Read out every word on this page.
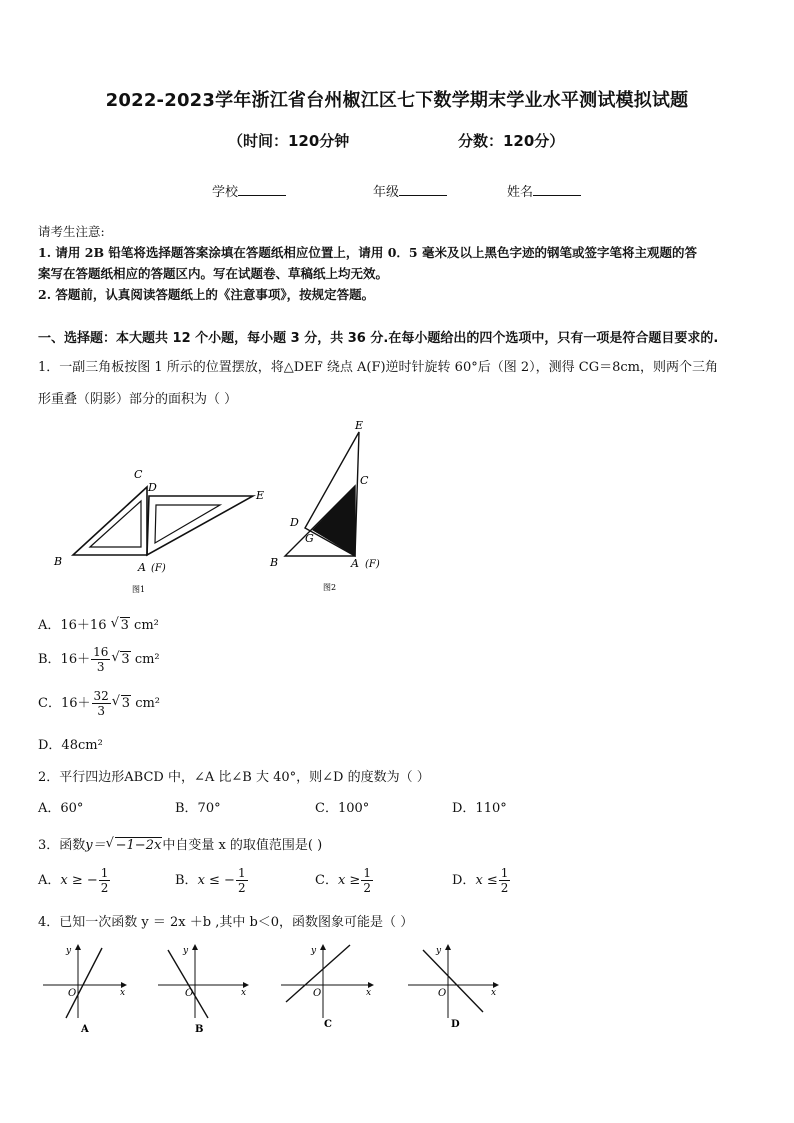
2022-2023学年浙江省台州椒江区七下数学期末学业水平测试模拟试题
（时间：120分钟	分数：120分）
学校	年级	姓名
请考生注意:
1. 请用 2B 铅笔将选择题答案涂填在答题纸相应位置上，请用 0．5 毫米及以上黑色字迹的钢笔或签字笔将主观题的答
案写在答题纸相应的答题区内。写在试题卷、草稿纸上均无效。
2. 答题前，认真阅读答题纸上的《注意事项》，按规定答题。
一、选择题：本大题共 12 个小题，每小题 3 分，共 36 分.在每小题给出的四个选项中，只有一项是符合题目要求的.
1．一副三角板按图 1 所示的位置摆放，将△DEF 绕点 A(F)逆时针旋转 60°后（图 2），测得 CG＝8cm，则两个三角
形重叠（阴影）部分的面积为（ ）
C
D
E
B	A (F)
图1
E
C
D
G
B	A (F)
图2
A．16＋16 √ 3 cm²
B．$16+ \frac{16}{3}$ √ 3 cm²
C．$16+ \frac{32}{3}$ √ 3 cm²
D．48cm²
2．平行四边形ABCD 中，∠A 比∠B 大 40°，则∠D 的度数为（ ）
A．60°	B．70°	C．100°	D．110°
3．函数y＝ √ −1−2x中自变量 x 的取值范围是( )
A．x ≥ − $\frac{1}{2}$	B．x ≤ − $\frac{1}{2}$	C．$x \ge \frac{1}{2}$	D．$x \le \frac{1}{2}$
4．已知一次函数 y ＝ 2x ＋b ,其中 b＜0，函数图象可能是（ ）
y
x
O
A
y
x
O
B
y
x
O
C
y
x
O
D
